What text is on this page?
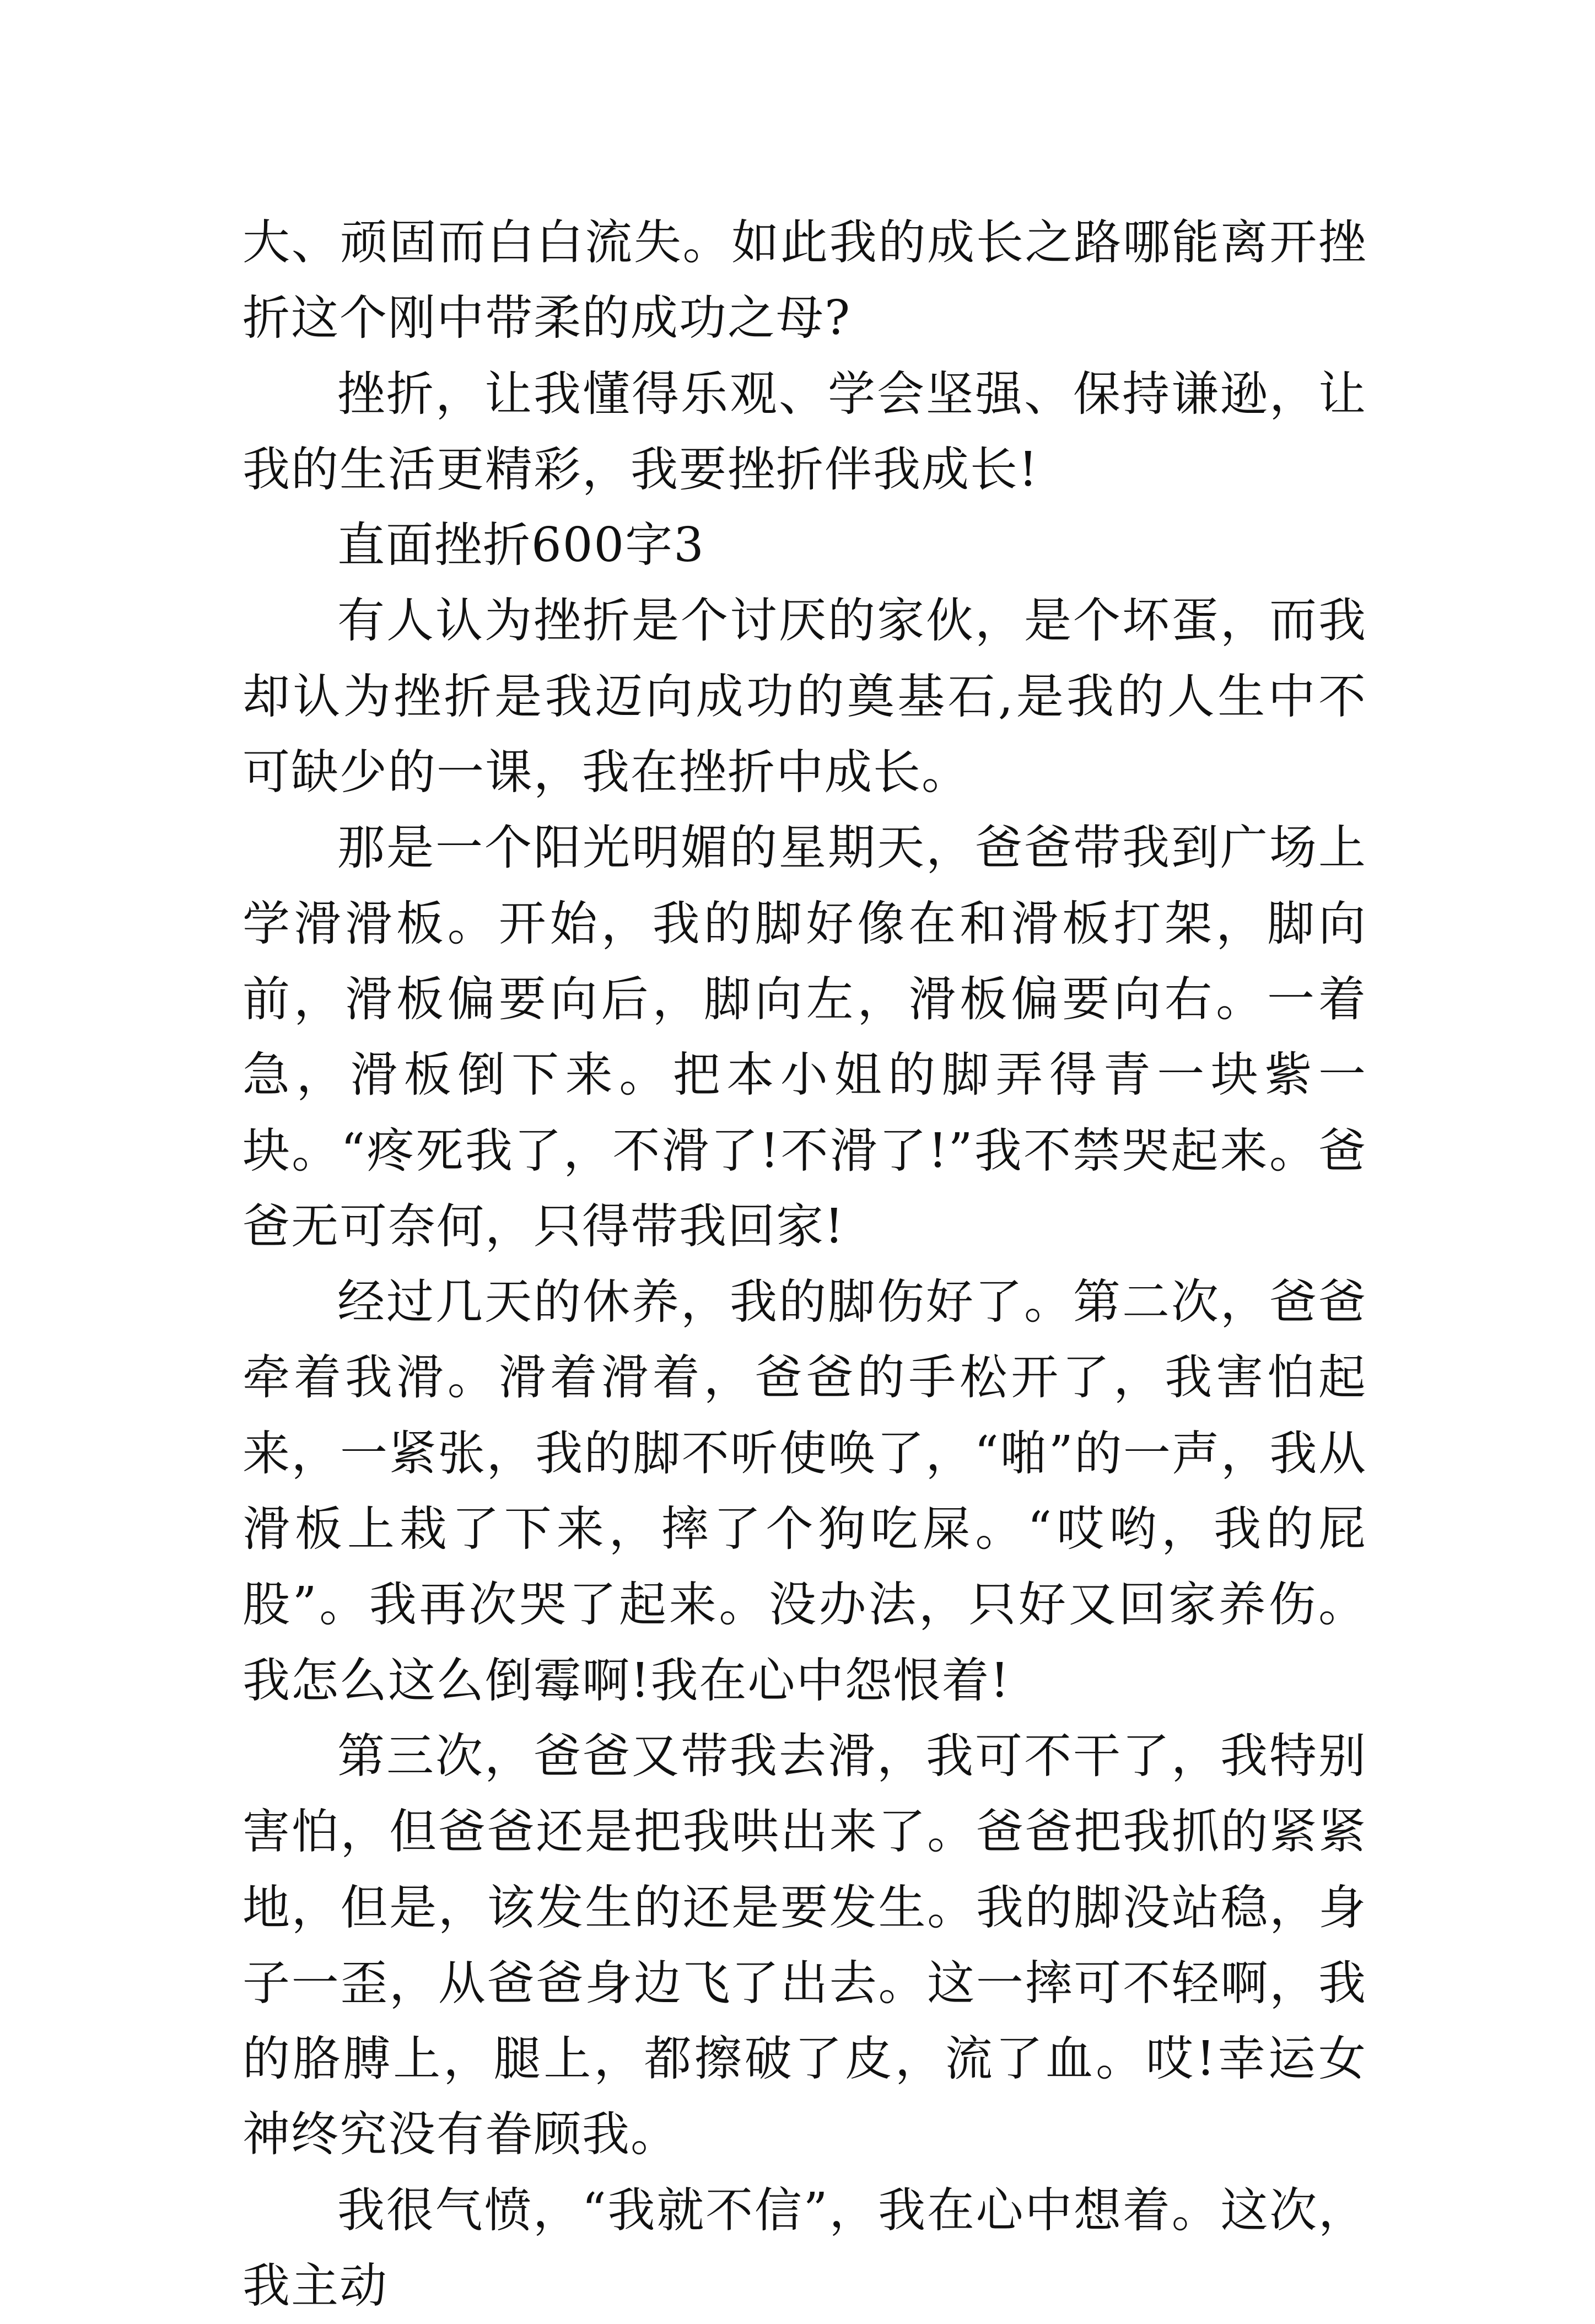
大、顽固而白白流失。如此我的成长之路哪能离开挫折这个刚中带柔的成功之母?

挫折，让我懂得乐观、学会坚强、保持谦逊，让我的生活更精彩，我要挫折伴我成长!

直面挫折600字3

有人认为挫折是个讨厌的家伙，是个坏蛋，而我却认为挫折是我迈向成功的奠基石,是我的人生中不可缺少的一课，我在挫折中成长。

那是一个阳光明媚的星期天，爸爸带我到广场上学滑滑板。开始，我的脚好像在和滑板打架，脚向前，滑板偏要向后，脚向左，滑板偏要向右。一着急，滑板倒下来。把本小姐的脚弄得青一块紫一块。“疼死我了，不滑了!不滑了!”我不禁哭起来。爸爸无可奈何，只得带我回家!

经过几天的休养，我的脚伤好了。第二次，爸爸牵着我滑。滑着滑着，爸爸的手松开了，我害怕起来，一紧张，我的脚不听使唤了，“啪”的一声，我从滑板上栽了下来，摔了个狗吃屎。“哎哟，我的屁股”。我再次哭了起来。没办法，只好又回家养伤。我怎么这么倒霉啊!我在心中怨恨着!

第三次，爸爸又带我去滑，我可不干了，我特别害怕，但爸爸还是把我哄出来了。爸爸把我抓的紧紧地，但是，该发生的还是要发生。我的脚没站稳，身子一歪，从爸爸身边飞了出去。这一摔可不轻啊，我的胳膊上，腿上，都擦破了皮，流了血。哎!幸运女神终究没有眷顾我。

我很气愤，“我就不信”，我在心中想着。这次，我主动
